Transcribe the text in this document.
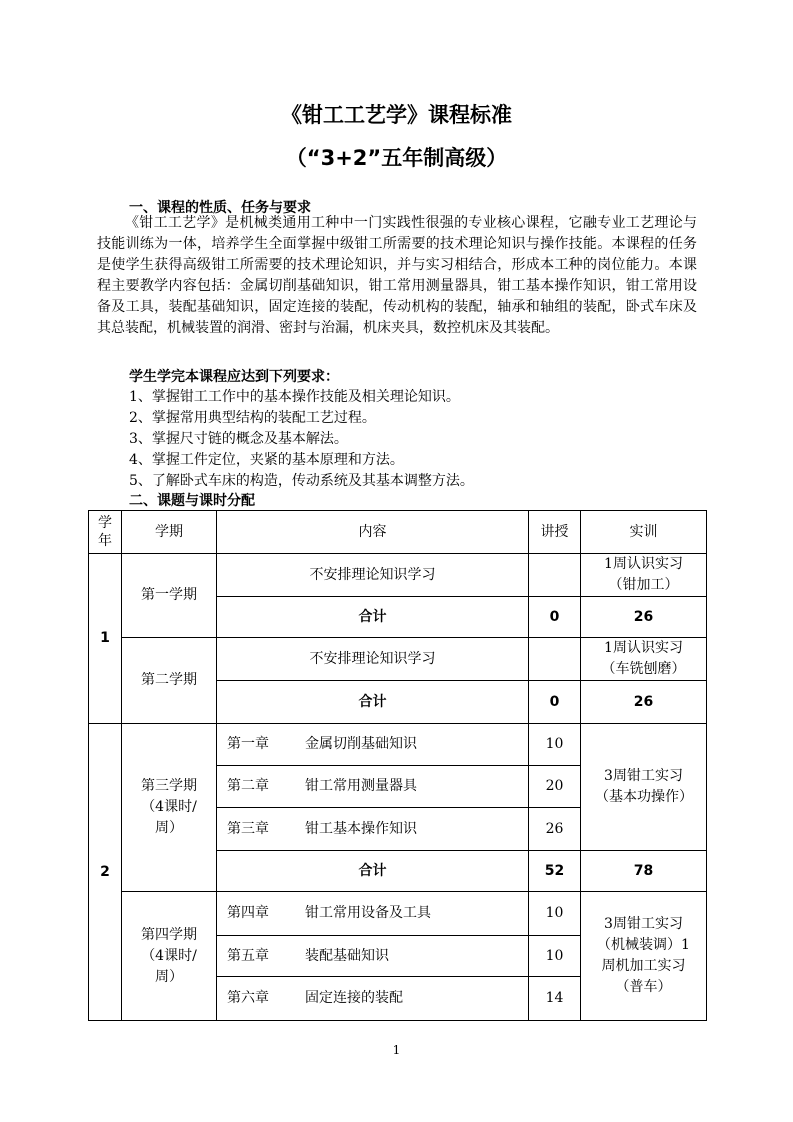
《钳工工艺学》课程标准
（“3+2”五年制高级）
一、课程的性质、任务与要求
《钳工工艺学》是机械类通用工种中一门实践性很强的专业核心课程，它融专业工艺理论与技能训练为一体，培养学生全面掌握中级钳工所需要的技术理论知识与操作技能。本课程的任务是使学生获得高级钳工所需要的技术理论知识，并与实习相结合，形成本工种的岗位能力。本课程主要教学内容包括：金属切削基础知识，钳工常用测量器具，钳工基本操作知识，钳工常用设备及工具，装配基础知识，固定连接的装配，传动机构的装配，轴承和轴组的装配，卧式车床及其总装配，机械装置的润滑、密封与治漏，机床夹具，数控机床及其装配。
学生学完本课程应达到下列要求：
1、掌握钳工工作中的基本操作技能及相关理论知识。
2、掌握常用典型结构的装配工艺过程。
3、掌握尺寸链的概念及基本解法。
4、掌握工件定位，夹紧的基本原理和方法。
5、了解卧式车床的构造，传动系统及其基本调整方法。
二、课题与课时分配
学年	学期	内容	讲授	实训
1	第一学期	不安排理论知识学习		1周认识实习（钳加工）
		合计	0	26
	第二学期	不安排理论知识学习		1周认识实习（车铣刨磨）
		合计	0	26
2	第三学期（4课时/周）	第一章 金属切削基础知识	10	3周钳工实习（基本功操作）
		第二章 钳工常用测量器具	20	
		第三章 钳工基本操作知识	26	
		合计	52	78
	第四学期（4课时/周）	第四章 钳工常用设备及工具	10	3周钳工实习（机械装调）1周机加工实习（普车）
		第五章 装配基础知识	10	
		第六章 固定连接的装配	14	
1
